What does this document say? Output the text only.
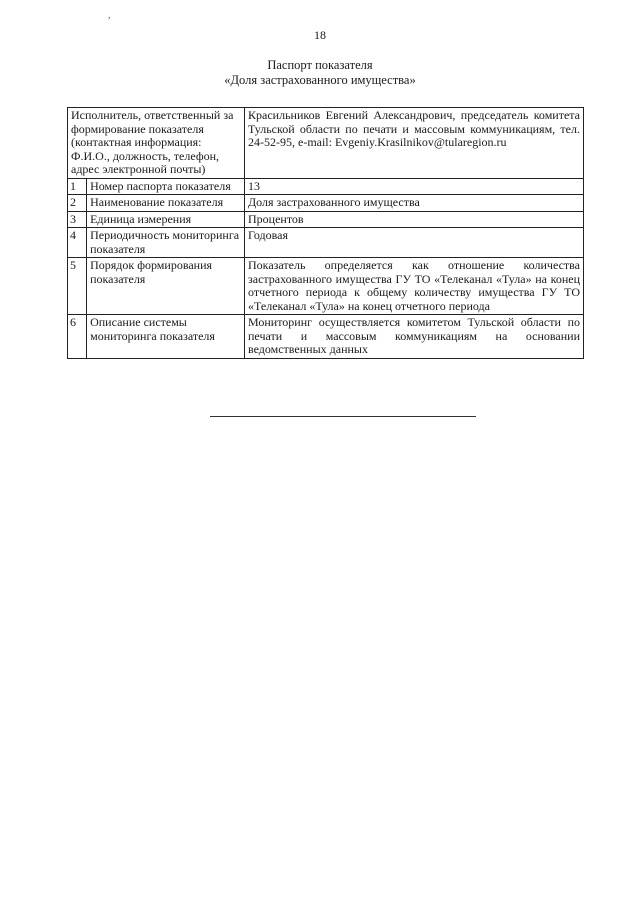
,
18
Паспорт показателя
«Доля застрахованного имущества»
Исполнитель, ответственный за формирование показателя (контактная информация: Ф.И.О., должность, телефон, адрес электронной почты)		Красильников Евгений Александрович, председатель комитета Тульской области по печати и массовым коммуникациям, тел. 24-52-95, e-mail: Evgeniy.Krasilnikov@tularegion.ru
1	Номер паспорта показателя	13
2	Наименование показателя	Доля застрахованного имущества
3	Единица измерения	Процентов
4	Периодичность мониторинга показателя	Годовая
5	Порядок формирования показателя	Показатель определяется как отношение количества застрахованного имущества ГУ ТО «Телеканал «Тула» на конец отчетного периода к общему количеству имущества ГУ ТО «Телеканал «Тула» на конец отчетного периода
6	Описание системы мониторинга показателя	Мониторинг осуществляется комитетом Тульской области по печати и массовым коммуникациям на основании ведомственных данных
